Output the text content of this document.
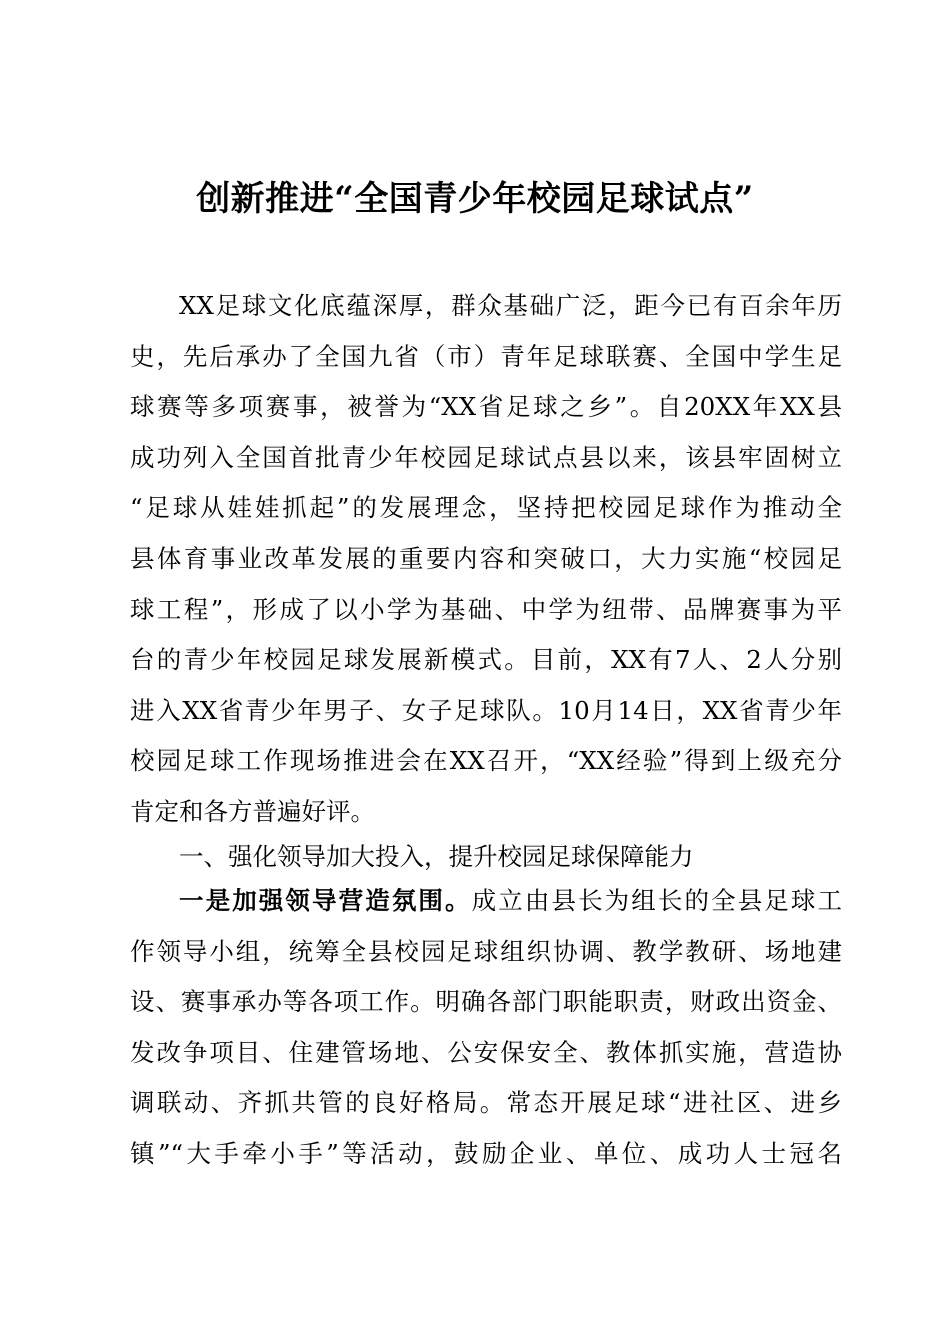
创新推进“全国青少年校园足球试点”
XX足球文化底蕴深厚，群众基础广泛，距今已有百余年历
史，先后承办了全国九省（市）青年足球联赛、全国中学生足
球赛等多项赛事，被誉为“XX省足球之乡”。自20XX年XX县
成功列入全国首批青少年校园足球试点县以来，该县牢固树立
“足球从娃娃抓起”的发展理念，坚持把校园足球作为推动全
县体育事业改革发展的重要内容和突破口，大力实施“校园足
球工程”，形成了以小学为基础、中学为纽带、品牌赛事为平
台的青少年校园足球发展新模式。目前，XX有7人、2人分别
进入XX省青少年男子、女子足球队。10月14日，XX省青少年
校园足球工作现场推进会在XX召开，“XX经验”得到上级充分
肯定和各方普遍好评。
一、强化领导加大投入，提升校园足球保障能力
一是加强领导营造氛围。成立由县长为组长的全县足球工
作领导小组，统筹全县校园足球组织协调、教学教研、场地建
设、赛事承办等各项工作。明确各部门职能职责，财政出资金、
发改争项目、住建管场地、公安保安全、教体抓实施，营造协
调联动、齐抓共管的良好格局。常态开展足球“进社区、进乡
镇”“大手牵小手”等活动，鼓励企业、单位、成功人士冠名
